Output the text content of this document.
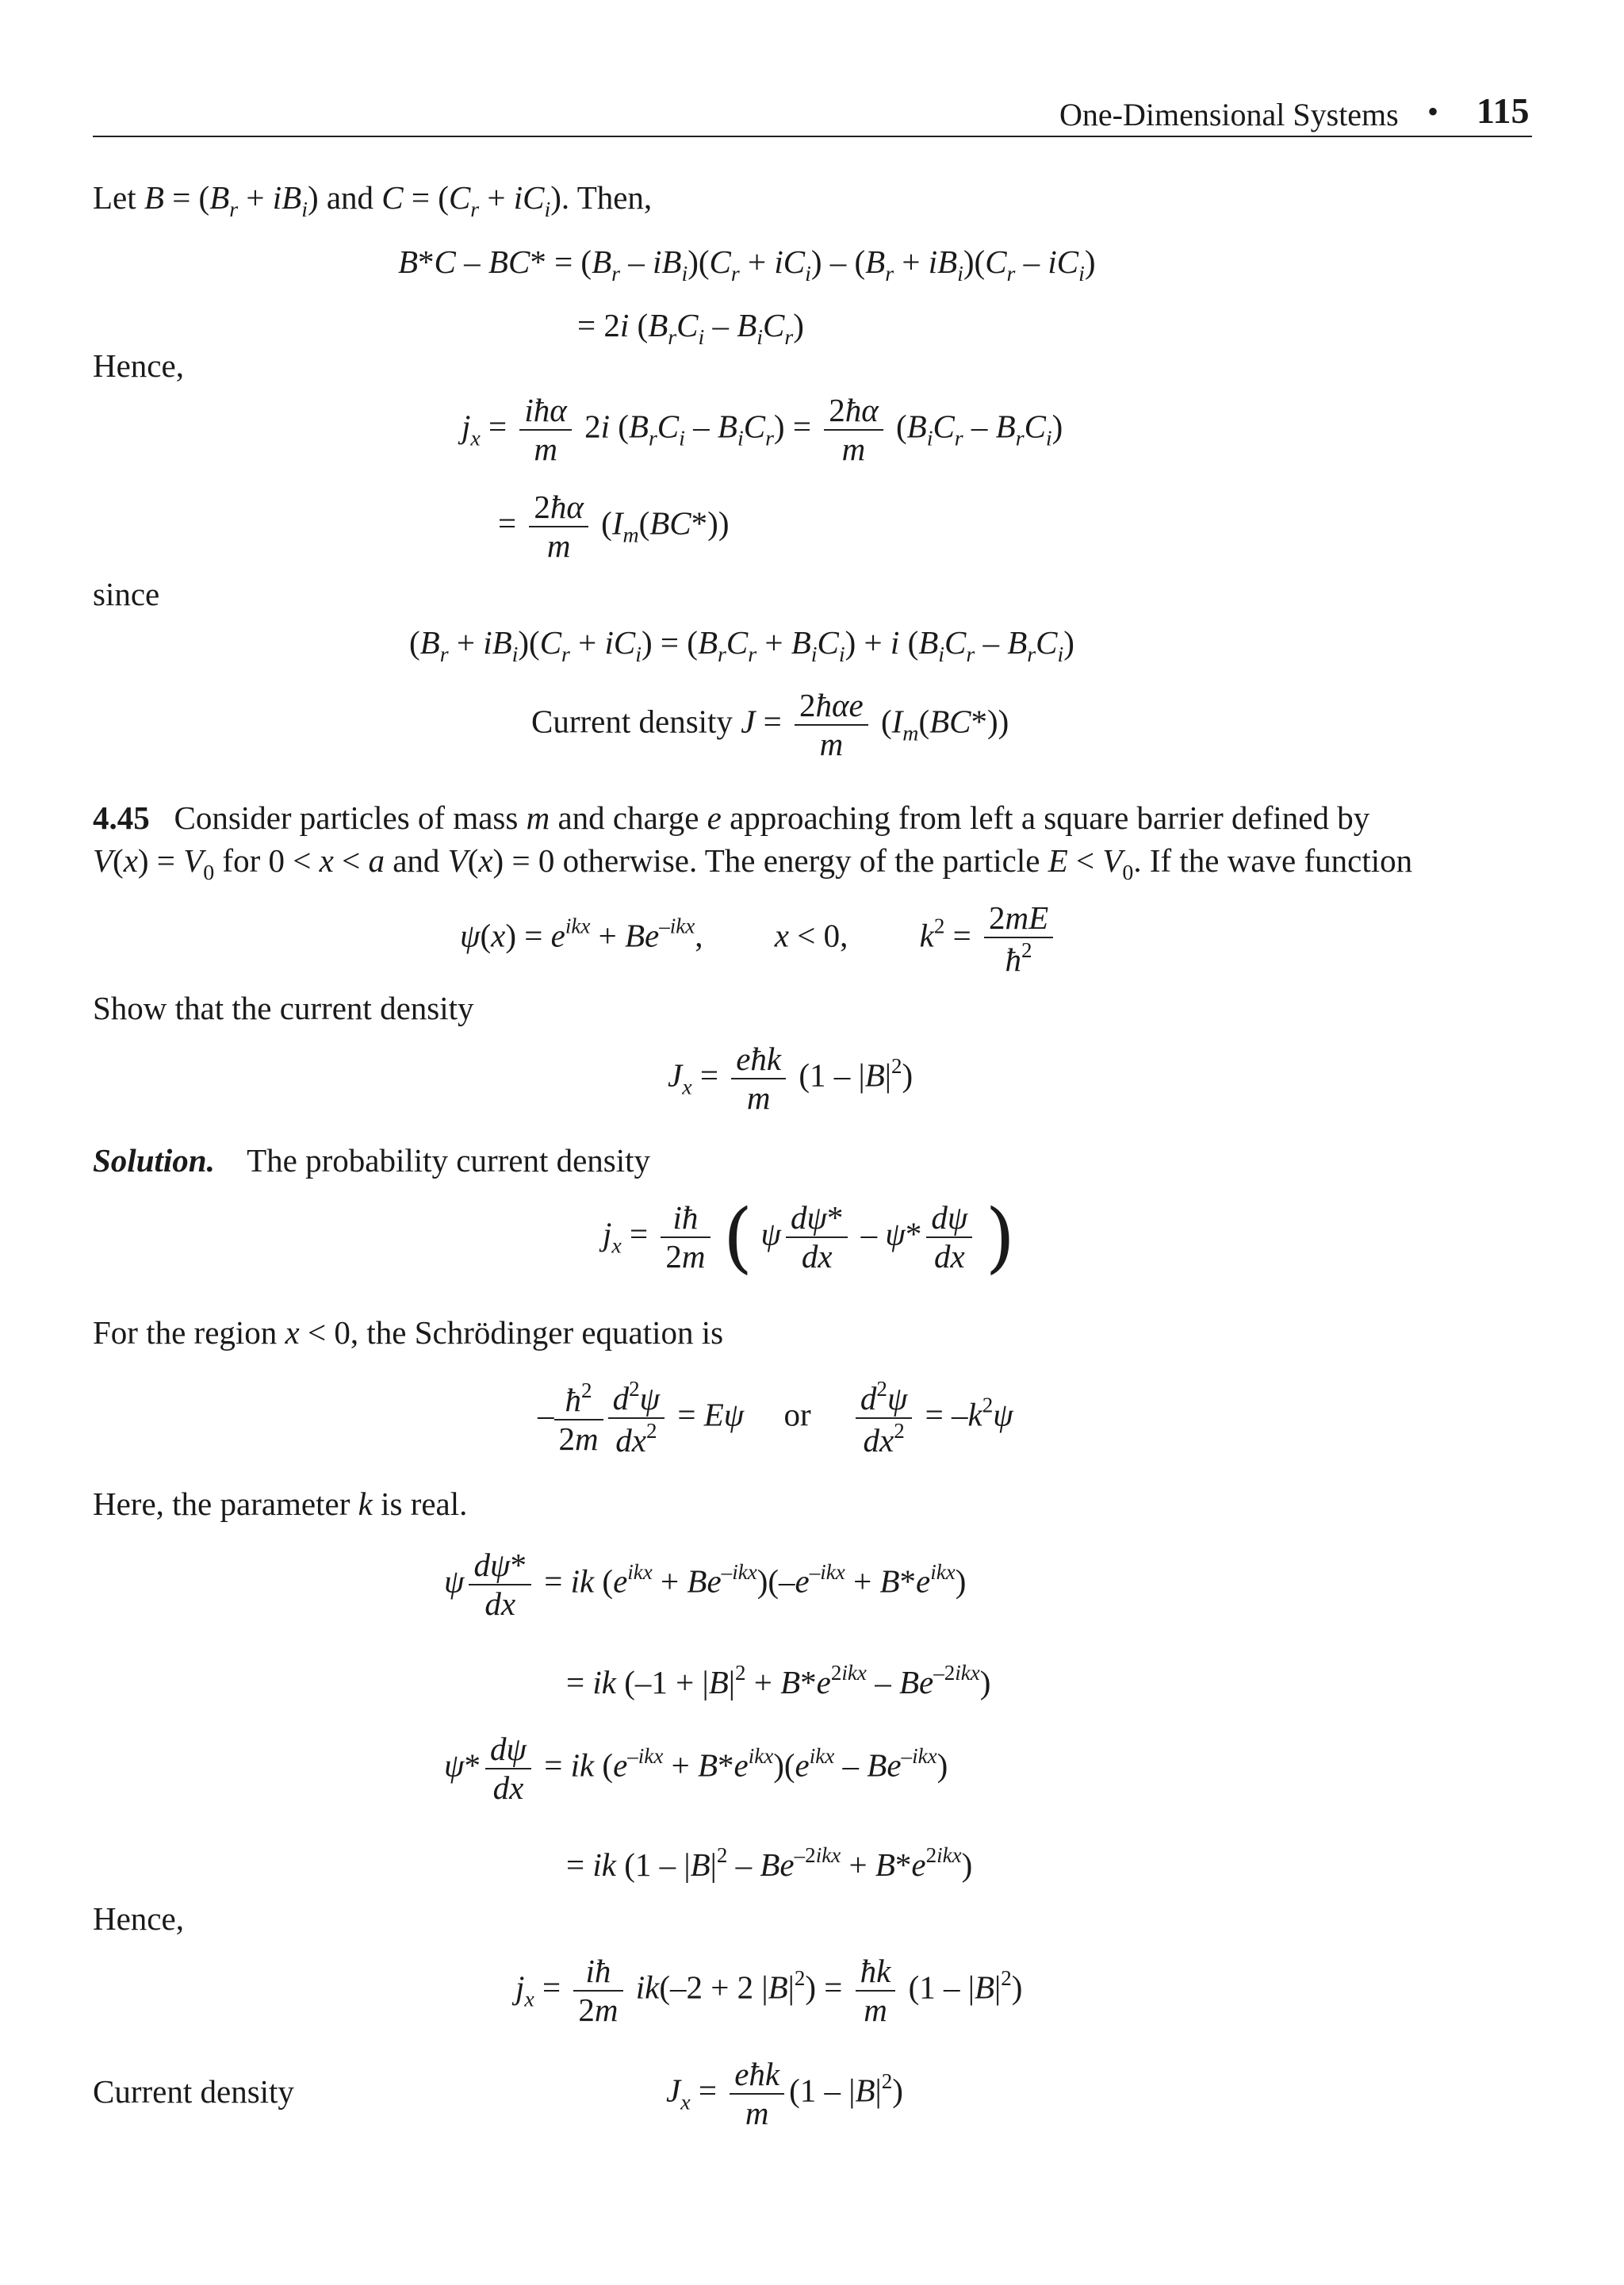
One-Dimensional Systems • 115
Let $B = (B_r + iB_i)$ and $C = (C_r + iC_i)$. Then,
$B*C - BC* = (B_r - iB_i)(C_r + iC_i) - (B_r + iB_i)(C_r - iC_i)$
= 2i $(B_rC_i - B_iC_r)$
Hence,
$j_x = \frac{\text{iħα}}{m} 2i$ $(B_rC_i - B_iC_r) = \frac{2ħ\alpha}{m} (B_iC_r - B_rC_i)$
= $\frac{2ħ\alpha}{m} (I_m(BC*))$
since
$(B_r + iB_i)(C_r + iC_i) = (B_rC_r + B_iC_i) + i$ $(B_iC_r - B_rC_i)$
Current density $J = \frac{\text{2ħαe}}{m} (I_m(BC*))$
4.45   Consider particles of mass m and charge e approaching from left a square barrier defined by
$V(x) = V_0$ for 0 < x < a and V(x) = 0 otherwise. The energy of the particle $E < V_0$. If the wave function
$\psi(x) = e^{ikx} + Be^{-ikx}$, x < 0, $k^2 = \frac{2mE}{ħ^2}$
Show that the current density
$J_x = \frac{\text{eħk}}{m} (1 - |B|^2)$
Solution. The probability current density
$j_x = \frac{iħ}{2m}$ ( ψ $\frac{d\psi*}{dx} - \psi* \frac{d\psi}{dx}$ )
For the region x < 0, the Schrödinger equation is
– $\frac{ħ^2}{2m} \frac{d^2\psi}{dx^2} = E\psi$ or $\frac{d^2\psi}{dx^2} = -k^2\psi$
Here, the parameter k is real.
ψ $\frac{d\psi*}{dx}$ = ik $(e^{ikx} + Be^{-ikx})(-e^{-ikx} + B*e^{ikx})$
= ik $(-1 + |B|^2 + B*e^{2ikx} - Be^{-2ikx})$
$\psi* \frac{d\psi}{dx}$ = ik $(e^{-ikx} + B*e^{ikx})(e^{ikx} - Be^{-ikx})$
= ik $(1 - |B|^2 - Be^{-2ikx} + B*e^{2ikx})$
Hence,
$j_x = \frac{iħ}{2m} ik(-2 + 2$ $|B|^2) = \frac{ħk}{m} (1 - |B|^2)$
Current density	$J_x = \frac{\text{eħk}}{m} (1 - |B|^2)$
